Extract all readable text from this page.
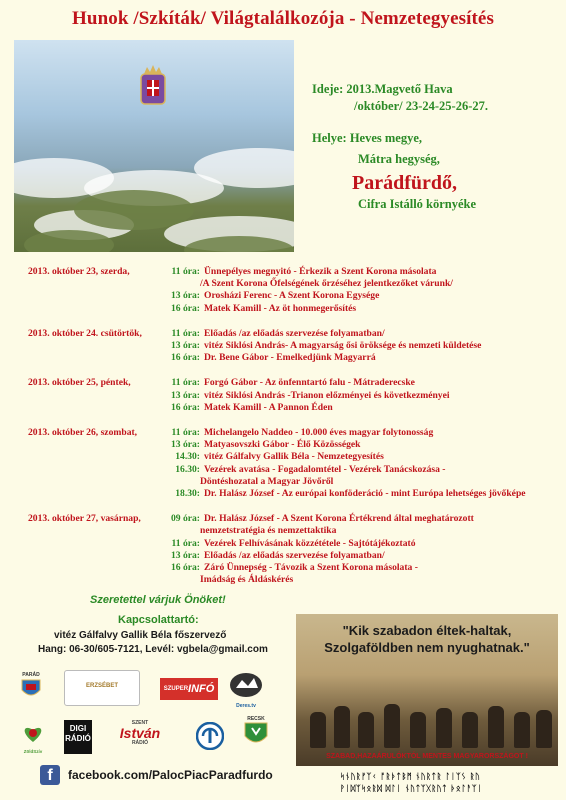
Hunok /Szkíták/ Világtalálkozója - Nemzetegyesítés
Ideje: 2013.Magvető Hava
/október/ 23-24-25-26-27.
Helye: Heves megye,
Mátra hegység,
Parádfürdő,
Cifra Istálló környéke
2013. október 23, szerda,	11 óra: Ünnepélyes megnyitó - Érkezik a Szent Korona másolata
/A Szent Korona Őfelségének őrzéséhez jelentkezőket várunk/
13 óra: Orosházi Ferenc - A Szent Korona Egysége
16 óra: Matek Kamill - Az öt honmegerősítés
2013. október 24. csütörtök,	11 óra: Előadás /az előadás szervezése folyamatban/
13 óra: vitéz Siklósi András- A magyarság ősi öröksége és nemzeti küldetése
16 óra: Dr. Bene Gábor - Emelkedjünk Magyarrá
2013. október 25, péntek,	11 óra: Forgó Gábor - Az önfenntartó falu - Mátraderecske
13 óra: vitéz Siklósi András -Trianon előzményei és következményei
16 óra: Matek Kamill - A Pannon Éden
2013. október 26, szombat,	11 óra: Michelangelo Naddeo - 10.000 éves magyar folytonosság
13 óra: Matyasovszki Gábor - Élő Közösségek
14.30: vitéz Gálfalvy Gallik Béla - Nemzetegyesítés
16.30: Vezérek avatása - Fogadalomtétel - Vezérek Tanácskozása -
Döntéshozatal a Magyar Jövőről
18.30: Dr. Halász József - Az európai konföderáció - mint Európa lehetséges jövőképe
2013. október 27, vasárnap,	09 óra: Dr. Halász József - A Szent Korona Értékrend által meghatározott
nemzetstratégia és nemzettaktika
11 óra: Vezérek Felhívásának közzététele - Sajtótájékoztató
13 óra: Előadás /az előadás szervezése folyamatban/
16 óra: Záró Ünnepség - Távozik a Szent Korona másolata -
Imádság és Áldáskérés
Szeretettel várjuk Önöket!
Kapcsolattartó:
vitéz Gálfalvy Gallik Béla főszervező
Hang: 06-30/605-7121, Levél: vgbela@gmail.com
"Kik szabadon éltek-haltak,
Szolgaföldben nem nyughatnak."
SZABAD,HAZAÁRULÓKTÓL MENTES MAGYARORSZÁGOT !
ᛋᚾᚢᚱᚠᛉᚲ ᚩᚱᚦᛏᛒᛗ ᚾᚢᚱᛏᚱ ᛚᛁᛉᛊ ᚱᚢ
ᚹᛁᛞᛉᛋᛟᚱᛞ ᛞᛚᛁ ᚾᚢᛏᛉᚷᚱᚢᛏ ᚦᛟᛚᚨᛉᛁ
PARÁD
ERZSÉBET	SZUPER INFÓ
Deres.tv
ZöldSzív
DIGI RÁDIÓ
SZENT
István
RÁDIÓ
RECSK
f	facebook.com/PalocPiacParadfurdo
